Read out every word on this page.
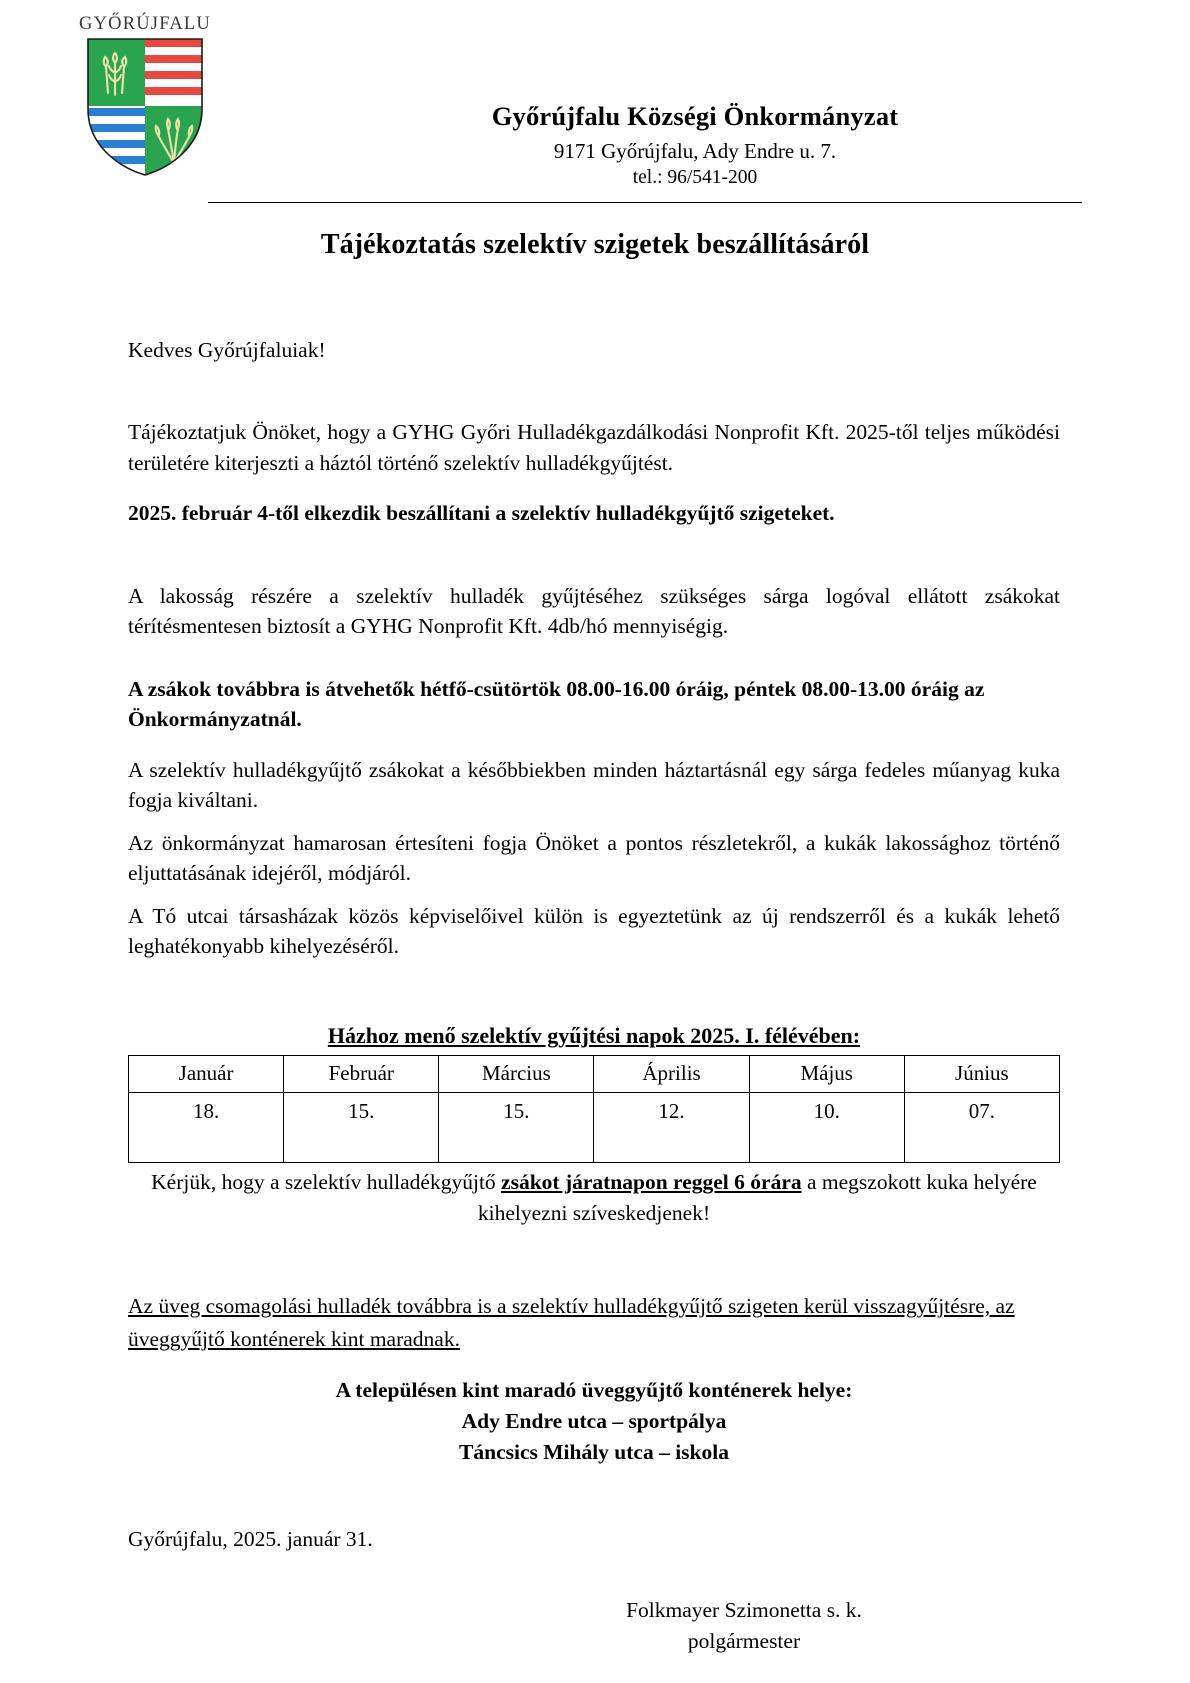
GYŐRÚJFALU
Győrújfalu Községi Önkormányzat
9171 Győrújfalu, Ady Endre u. 7.
tel.: 96/541-200
Tájékoztatás szelektív szigetek beszállításáról
Kedves Győrújfaluiak!
Tájékoztatjuk Önöket, hogy a GYHG Győri Hulladékgazdálkodási Nonprofit Kft. 2025-től teljes működési területére kiterjeszti a háztól történő szelektív hulladékgyűjtést.
2025. február 4-től elkezdik beszállítani a szelektív hulladékgyűjtő szigeteket.
A lakosság részére a szelektív hulladék gyűjtéséhez szükséges sárga logóval ellátott zsákokat térítésmentesen biztosít a GYHG Nonprofit Kft. 4db/hó mennyiségig.
A zsákok továbbra is átvehetők hétfő-csütörtök 08.00-16.00 óráig, péntek 08.00-13.00 óráig az Önkormányzatnál.
A szelektív hulladékgyűjtő zsákokat a későbbiekben minden háztartásnál egy sárga fedeles műanyag kuka fogja kiváltani.
Az önkormányzat hamarosan értesíteni fogja Önöket a pontos részletekről, a kukák lakossághoz történő eljuttatásának idejéről, módjáról.
A Tó utcai társasházak közös képviselőivel külön is egyeztetünk az új rendszerről és a kukák lehető leghatékonyabb kihelyezéséről.
Házhoz menő szelektív gyűjtési napok 2025. I. félévében:
Január	Február	Március	Április	Május	Június
18.	15.	15.	12.	10.	07.
Kérjük, hogy a szelektív hulladékgyűjtő zsákot járatnapon reggel 6 órára a megszokott kuka helyére kihelyezni szíveskedjenek!
Az üveg csomagolási hulladék továbbra is a szelektív hulladékgyűjtő szigeten kerül visszagyűjtésre, az üveggyűjtő konténerek kint maradnak.
A településen kint maradó üveggyűjtő konténerek helye:
Ady Endre utca – sportpálya
Táncsics Mihály utca – iskola
Győrújfalu, 2025. január 31.
Folkmayer Szimonetta s. k.
polgármester
